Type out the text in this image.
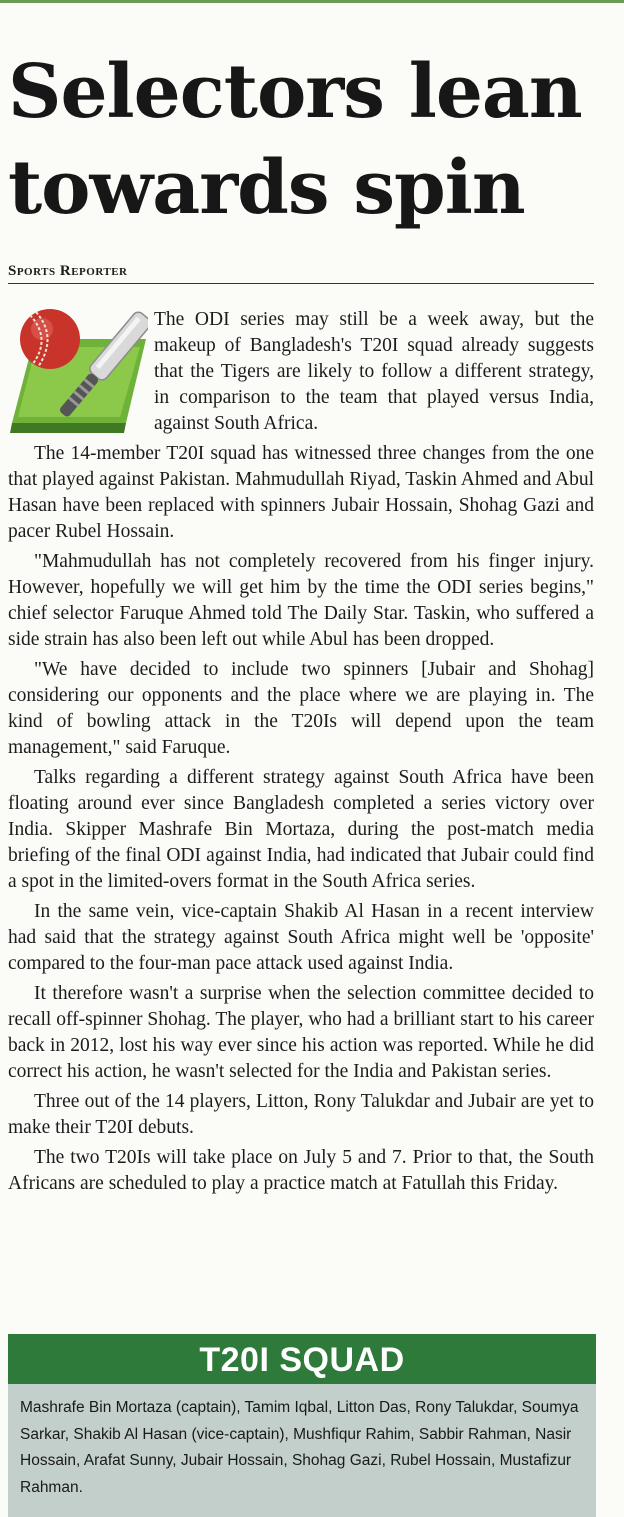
Selectors lean
towards spin
Sports Reporter

The ODI series may still be a week away, but the makeup of Bangladesh's T20I squad already suggests that the Tigers are likely to follow a different strategy, in comparison to the team that played versus India, against South Africa.

The 14-member T20I squad has witnessed three changes from the one that played against Pakistan. Mahmudullah Riyad, Taskin Ahmed and Abul Hasan have been replaced with spinners Jubair Hossain, Shohag Gazi and pacer Rubel Hossain.

"Mahmudullah has not completely recovered from his finger injury. However, hopefully we will get him by the time the ODI series begins," chief selector Faruque Ahmed told The Daily Star. Taskin, who suffered a side strain has also been left out while Abul has been dropped.

"We have decided to include two spinners [Jubair and Shohag] considering our opponents and the place where we are playing in. The kind of bowling attack in the T20Is will depend upon the team management," said Faruque.

Talks regarding a different strategy against South Africa have been floating around ever since Bangladesh completed a series victory over India. Skipper Mashrafe Bin Mortaza, during the post-match media briefing of the final ODI against India, had indicated that Jubair could find a spot in the limited-overs format in the South Africa series.

In the same vein, vice-captain Shakib Al Hasan in a recent interview had said that the strategy against South Africa might well be 'opposite' compared to the four-man pace attack used against India.

It therefore wasn't a surprise when the selection committee decided to recall off-spinner Shohag. The player, who had a brilliant start to his career back in 2012, lost his way ever since his action was reported. While he did correct his action, he wasn't selected for the India and Pakistan series.

Three out of the 14 players, Litton, Rony Talukdar and Jubair are yet to make their T20I debuts.

The two T20Is will take place on July 5 and 7. Prior to that, the South Africans are scheduled to play a practice match at Fatullah this Friday.

T20I SQUAD
Mashrafe Bin Mortaza (captain), Tamim Iqbal, Litton Das, Rony Talukdar, Soumya Sarkar, Shakib Al Hasan (vice-captain), Mushfiqur Rahim, Sabbir Rahman, Nasir Hossain, Arafat Sunny, Jubair Hossain, Shohag Gazi, Rubel Hossain, Mustafizur Rahman.
